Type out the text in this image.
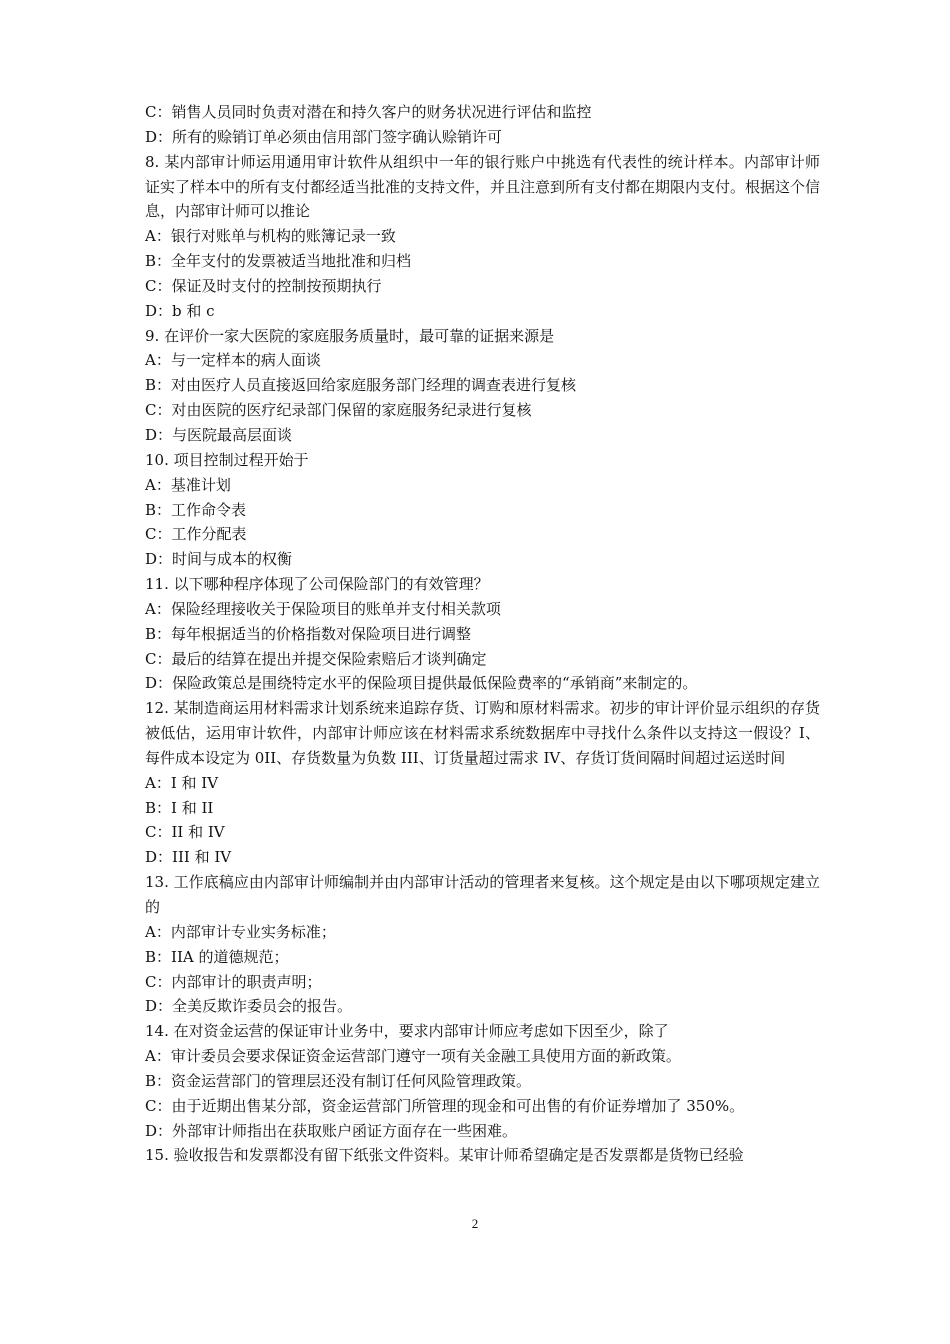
C：销售人员同时负责对潜在和持久客户的财务状况进行评估和监控
D：所有的赊销订单必须由信用部门签字确认赊销许可
8. 某内部审计师运用通用审计软件从组织中一年的银行账户中挑选有代表性的统计样本。内部审计师证实了样本中的所有支付都经适当批准的支持文件，并且注意到所有支付都在期限内支付。根据这个信息，内部审计师可以推论
A：银行对账单与机构的账簿记录一致
B：全年支付的发票被适当地批准和归档
C：保证及时支付的控制按预期执行
D：b 和 c
9. 在评价一家大医院的家庭服务质量时，最可靠的证据来源是
A：与一定样本的病人面谈
B：对由医疗人员直接返回给家庭服务部门经理的调查表进行复核
C：对由医院的医疗纪录部门保留的家庭服务纪录进行复核
D：与医院最高层面谈
10. 项目控制过程开始于
A：基准计划
B：工作命令表
C：工作分配表
D：时间与成本的权衡
11. 以下哪种程序体现了公司保险部门的有效管理？
A：保险经理接收关于保险项目的账单并支付相关款项
B：每年根据适当的价格指数对保险项目进行调整
C：最后的结算在提出并提交保险索赔后才谈判确定
D：保险政策总是围绕特定水平的保险项目提供最低保险费率的“承销商”来制定的。
12. 某制造商运用材料需求计划系统来追踪存货、订购和原材料需求。初步的审计评价显示组织的存货被低估，运用审计软件，内部审计师应该在材料需求系统数据库中寻找什么条件以支持这一假设？I、每件成本设定为 0II、存货数量为负数 III、订货量超过需求 IV、存货订货间隔时间超过运送时间
A：I 和 IV
B：I 和 II
C：II 和 IV
D：III 和 IV
13. 工作底稿应由内部审计师编制并由内部审计活动的管理者来复核。这个规定是由以下哪项规定建立的
A：内部审计专业实务标准；
B：IIA 的道德规范；
C：内部审计的职责声明；
D：全美反欺诈委员会的报告。
14. 在对资金运营的保证审计业务中，要求内部审计师应考虑如下因至少，除了
A：审计委员会要求保证资金运营部门遵守一项有关金融工具使用方面的新政策。
B：资金运营部门的管理层还没有制订任何风险管理政策。
C：由于近期出售某分部，资金运营部门所管理的现金和可出售的有价证券增加了 350%。
D：外部审计师指出在获取账户函证方面存在一些困难。
15. 验收报告和发票都没有留下纸张文件资料。某审计师希望确定是否发票都是货物已经验
2
